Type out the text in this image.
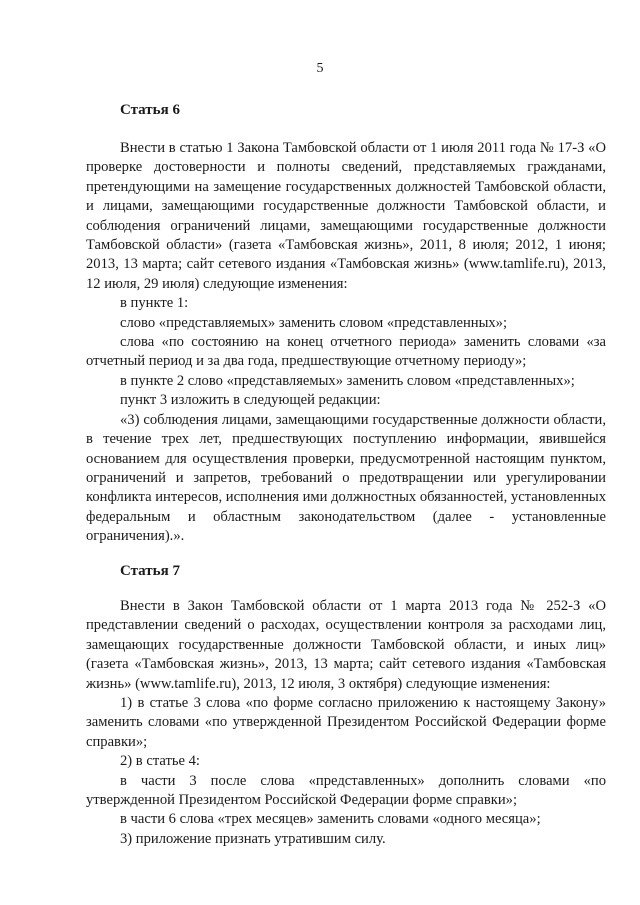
5
Статья 6

Внести в статью 1 Закона Тамбовской области от 1 июля 2011 года № 17-З «О проверке достоверности и полноты сведений, представляемых гражданами, претендующими на замещение государственных должностей Тамбовской области, и лицами, замещающими государственные должности Тамбовской области, и соблюдения ограничений лицами, замещающими государственные должности Тамбовской области» (газета «Тамбовская жизнь», 2011, 8 июля; 2012, 1 июня; 2013, 13 марта; сайт сетевого издания «Тамбовская жизнь» (www.tamlife.ru), 2013, 12 июля, 29 июля) следующие изменения:

в пункте 1:

слово «представляемых» заменить словом «представленных»;

слова «по состоянию на конец отчетного периода» заменить словами «за отчетный период и за два года, предшествующие отчетному периоду»;

в пункте 2 слово «представляемых» заменить словом «представленных»;

пункт 3 изложить в следующей редакции:

«3) соблюдения лицами, замещающими государственные должности области, в течение трех лет, предшествующих поступлению информации, явившейся основанием для осуществления проверки, предусмотренной настоящим пунктом, ограничений и запретов, требований о предотвращении или урегулировании конфликта интересов, исполнения ими должностных обязанностей, установленных федеральным и областным законодательством (далее - установленные ограничения).».

Статья 7

Внести в Закон Тамбовской области от 1 марта 2013 года № 252-З «О представлении сведений о расходах, осуществлении контроля за расходами лиц, замещающих государственные должности Тамбовской области, и иных лиц» (газета «Тамбовская жизнь», 2013, 13 марта; сайт сетевого издания «Тамбовская жизнь» (www.tamlife.ru), 2013, 12 июля, 3 октября) следующие изменения:

1) в статье 3 слова «по форме согласно приложению к настоящему Закону» заменить словами «по утвержденной Президентом Российской Федерации форме справки»;

2) в статье 4:

в части 3 после слова «представленных» дополнить словами «по утвержденной Президентом Российской Федерации форме справки»;

в части 6 слова «трех месяцев» заменить словами «одного месяца»;

3) приложение признать утратившим силу.
